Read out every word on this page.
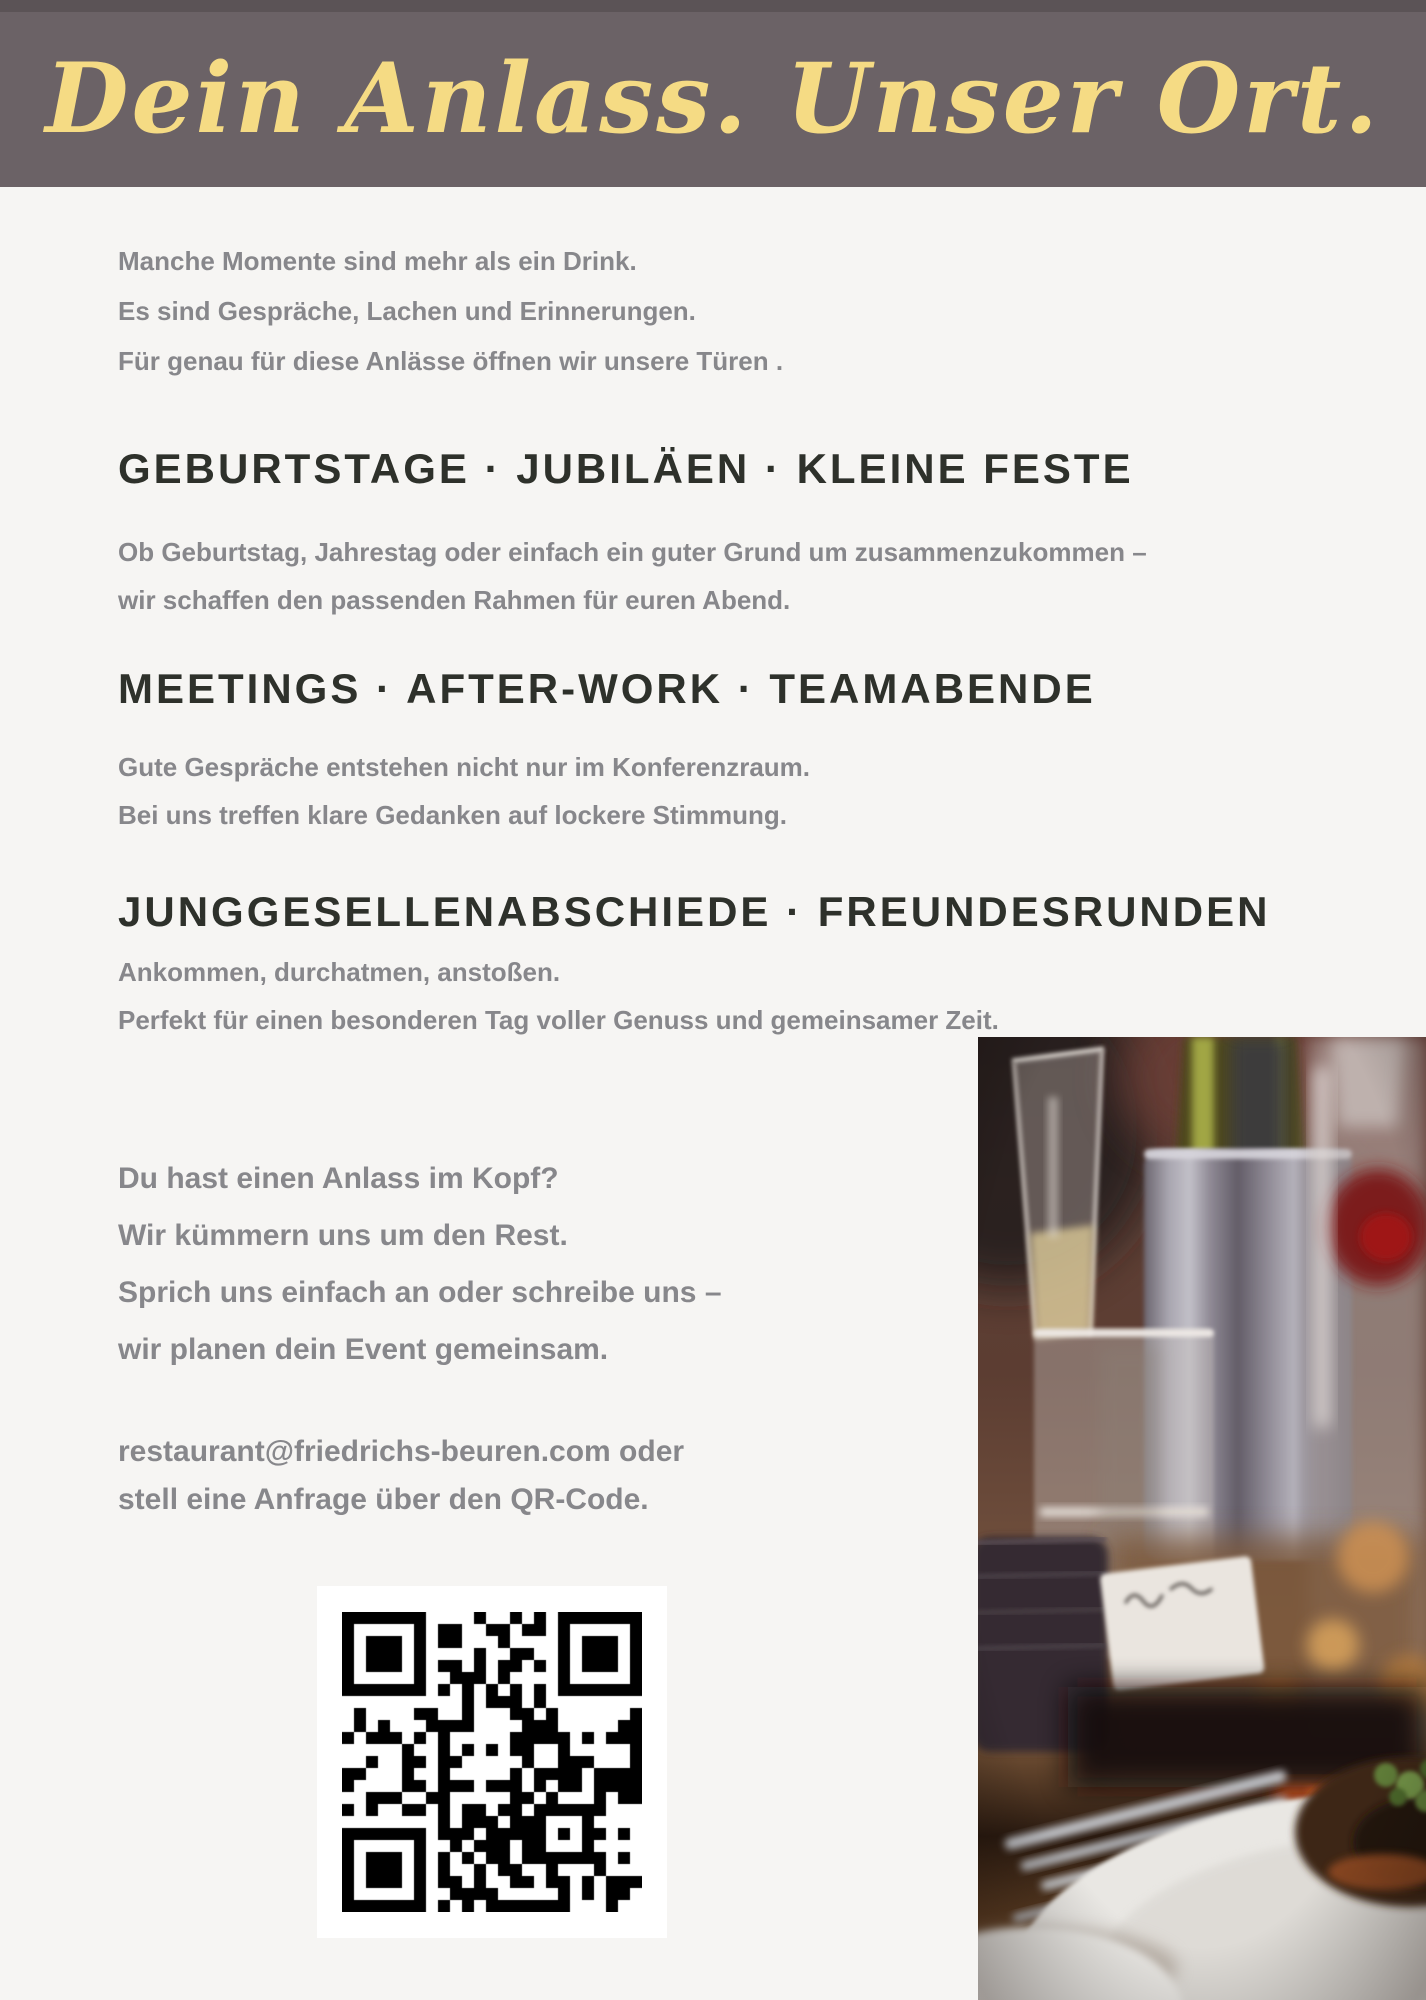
Dein Anlass. Unser Ort.
Manche Momente sind mehr als ein Drink.
Es sind Gespräche, Lachen und Erinnerungen.
Für genau für diese Anlässe öffnen wir unsere Türen .
GEBURTSTAGE · JUBILÄEN · KLEINE FESTE
Ob Geburtstag, Jahrestag oder einfach ein guter Grund um zusammenzukommen –
wir schaffen den passenden Rahmen für euren Abend.
MEETINGS · AFTER-WORK · TEAMABENDE
Gute Gespräche entstehen nicht nur im Konferenzraum.
Bei uns treffen klare Gedanken auf lockere Stimmung.
JUNGGESELLENABSCHIEDE · FREUNDESRUNDEN
Ankommen, durchatmen, anstoßen.
Perfekt für einen besonderen Tag voller Genuss und gemeinsamer Zeit.
Du hast einen Anlass im Kopf?
Wir kümmern uns um den Rest.
Sprich uns einfach an oder schreibe uns –
wir planen dein Event gemeinsam.
restaurant@friedrichs-beuren.com oder
stell eine Anfrage über den QR-Code.
